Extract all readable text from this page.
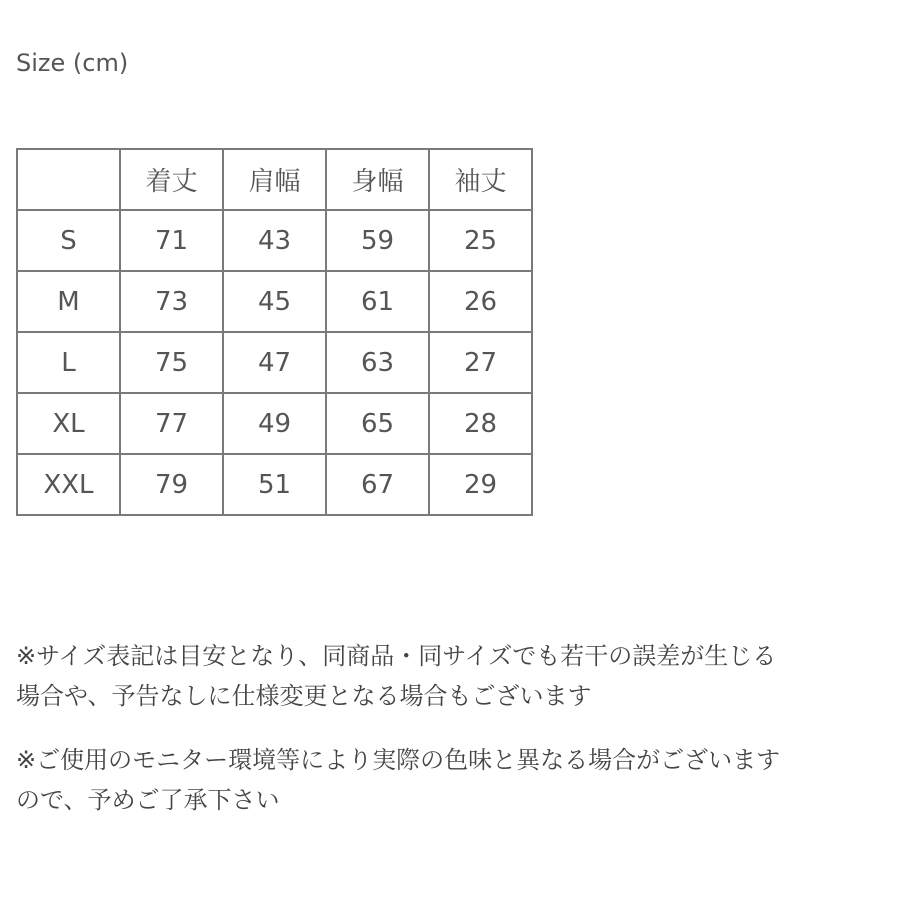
Size (cm)
	着丈	肩幅	身幅	袖丈
S	71	43	59	25
M	73	45	61	26
L	75	47	63	27
XL	77	49	65	28
XXL	79	51	67	29

※サイズ表記は目安となり、同商品・同サイズでも若干の誤差が生じる
場合や、予告なしに仕様変更となる場合もございます

※ご使用のモニター環境等により実際の色味と異なる場合がございます
ので、予めご了承下さい
